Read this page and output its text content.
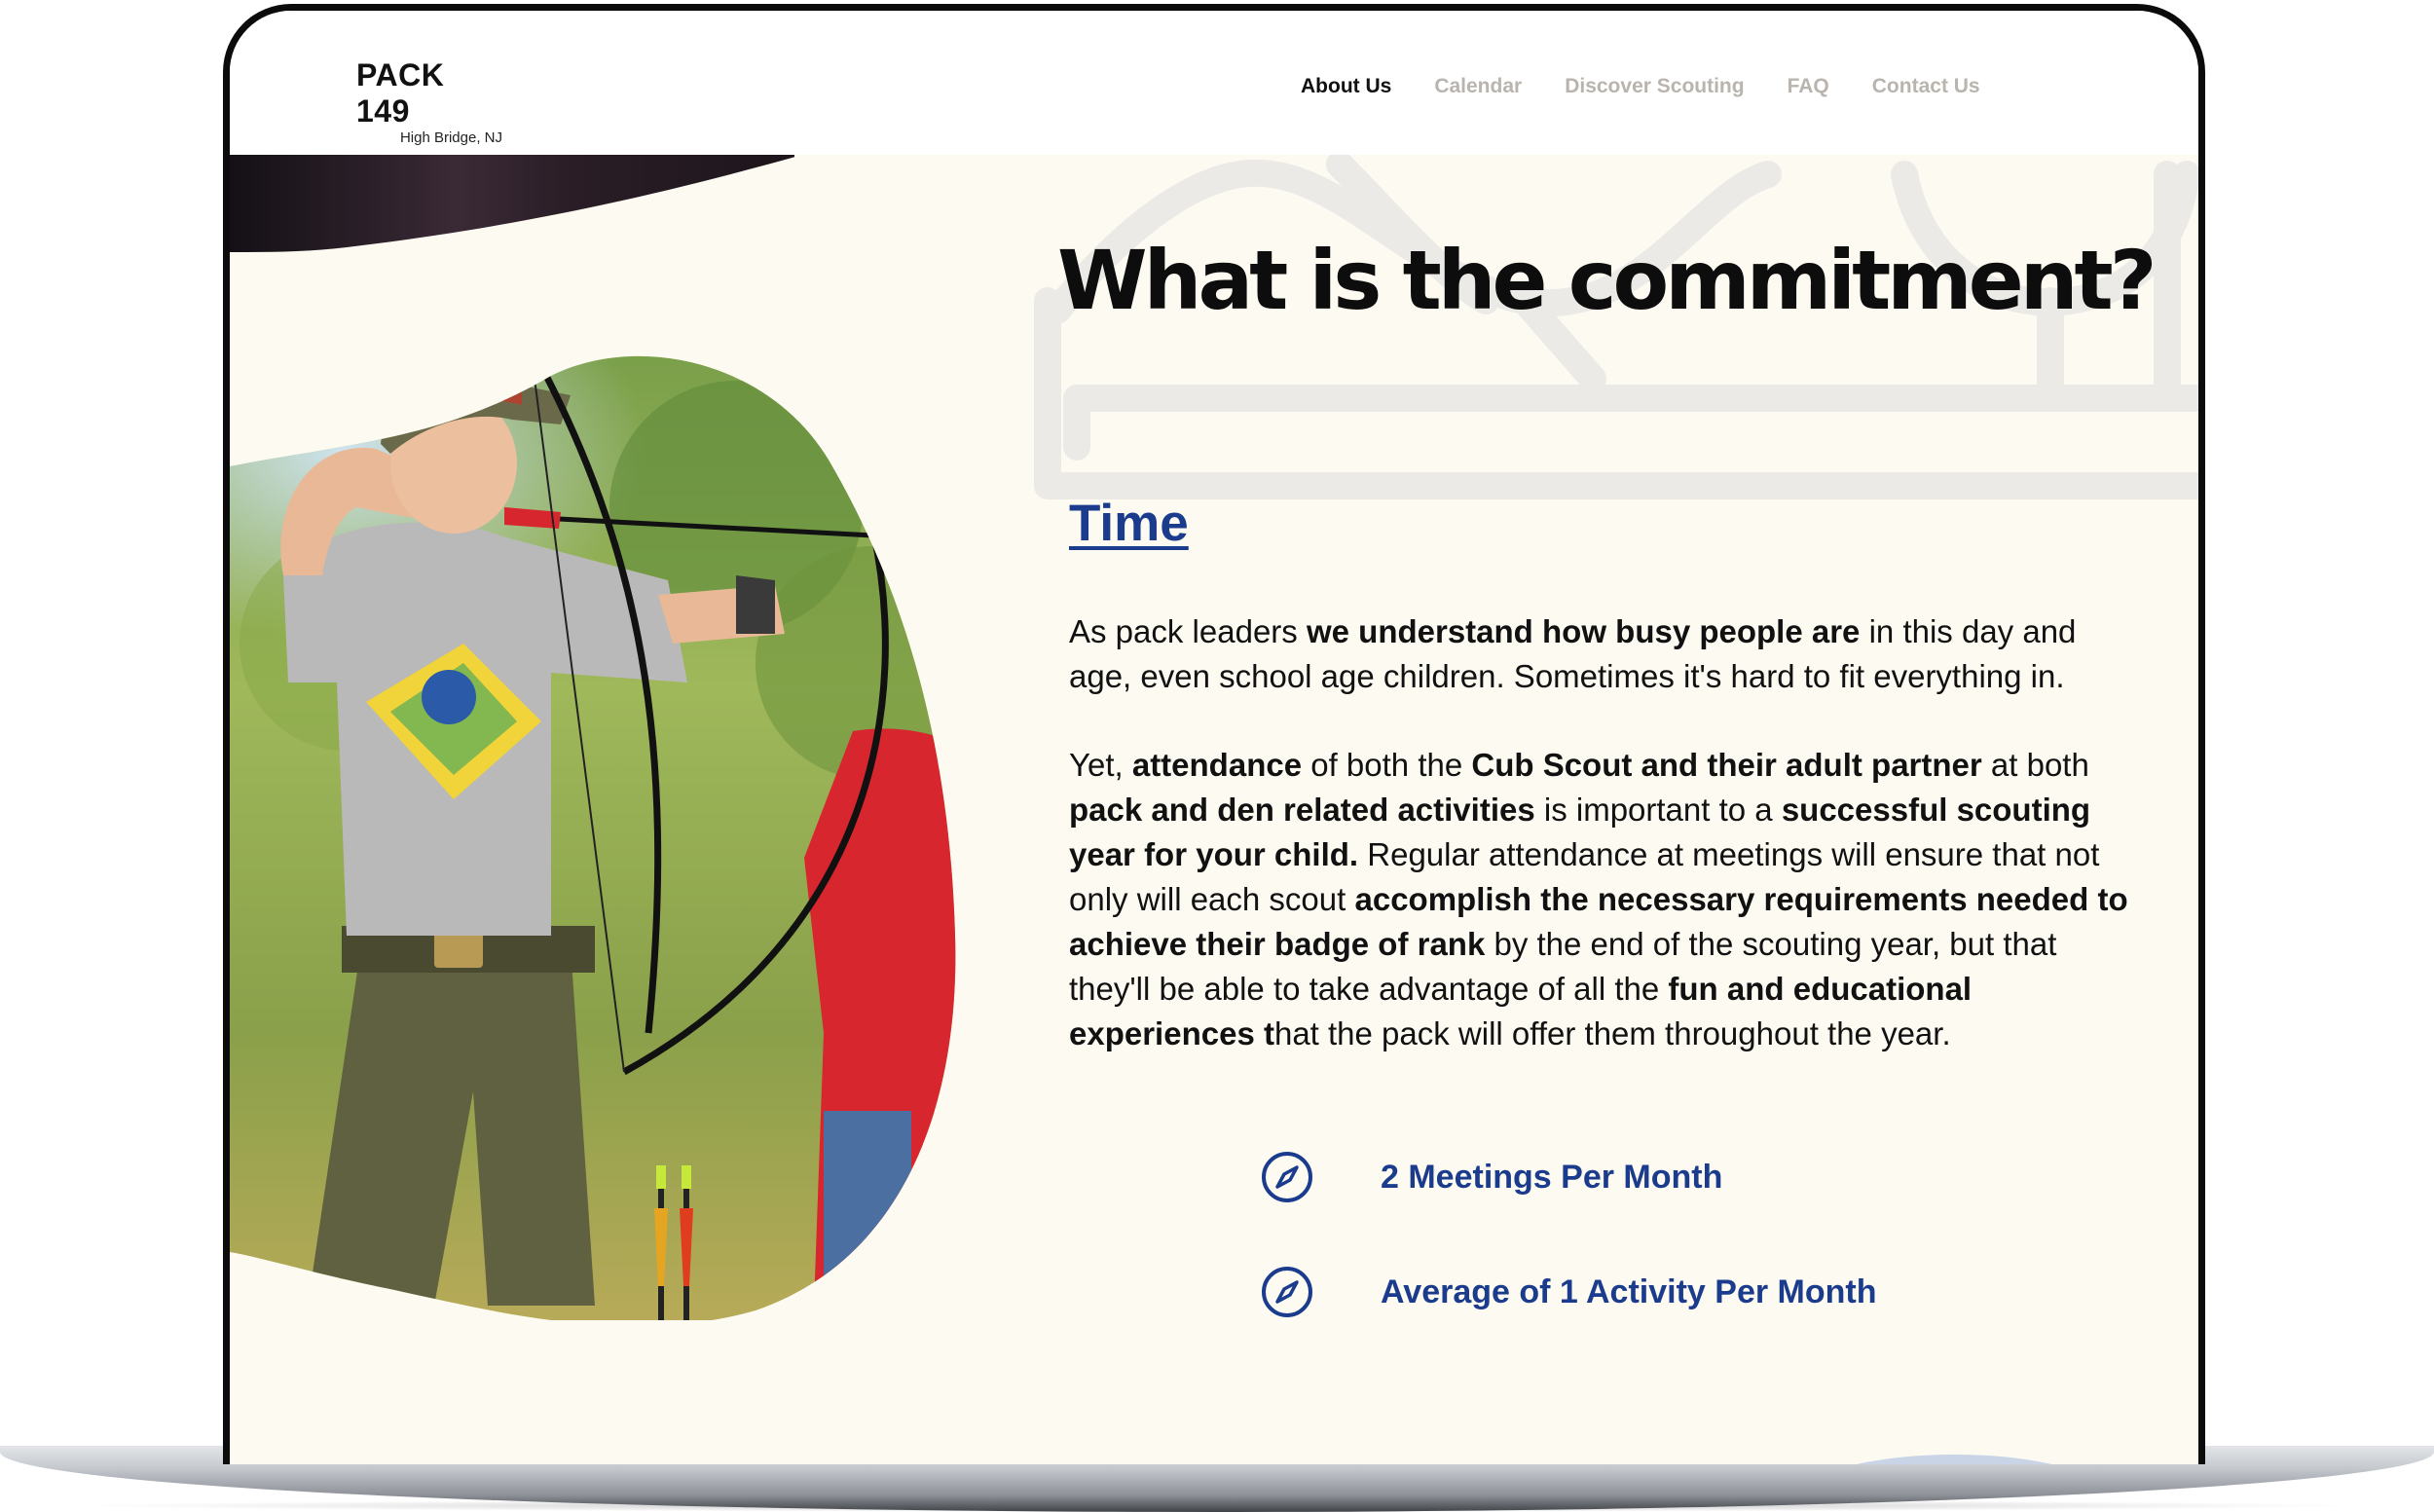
PACK 149
High Bridge, NJ
About Us Calendar Discover Scouting FAQ Contact Us
What is the commitment?
Time

As pack leaders we understand how busy people are in this day and age, even school age children. Sometimes it's hard to fit everything in.

Yet, attendance of both the Cub Scout and their adult partner at both pack and den related activities is important to a successful scouting year for your child. Regular attendance at meetings will ensure that not only will each scout accomplish the necessary requirements needed to achieve their badge of rank by the end of the scouting year, but that they'll be able to take advantage of all the fun and educational experiences that the pack will offer them throughout the year.

2 Meetings Per Month
Average of 1 Activity Per Month
